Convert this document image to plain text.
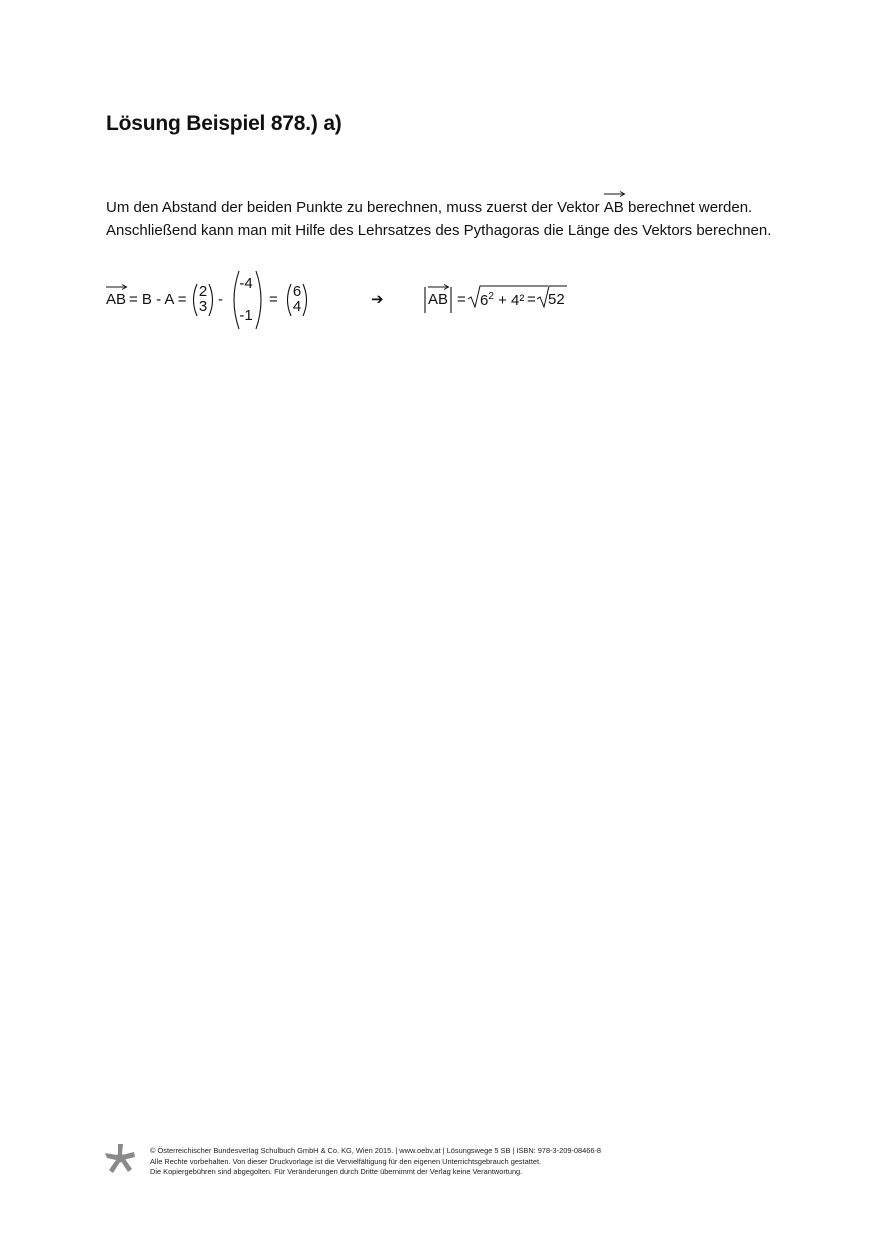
Lösung Beispiel 878.) a)
Um den Abstand der beiden Punkte zu berechnen, muss zuerst der Vektor
AB berechnet werden.
Anschließend kann man mit Hilfe des Lehrsatzes des Pythagoras die Länge des Vektors berechnen.
AB = B - A = 2
3 -
-4
-1
= 6
4	➔	AB = $6^2 + 4^2 = 52$
© Österreichischer Bundesverlag Schulbuch GmbH & Co. KG, Wien 2015. | www.oebv.at | Lösungswege 5 SB | ISBN: 978-3-209-08466-8
Alle Rechte vorbehalten. Von dieser Druckvorlage ist die Vervielfältigung für den eigenen Unterrichtsgebrauch gestattet.
Die Kopiergebühren sind abgegolten. Für Veränderungen durch Dritte übernimmt der Verlag keine Verantwortung.
